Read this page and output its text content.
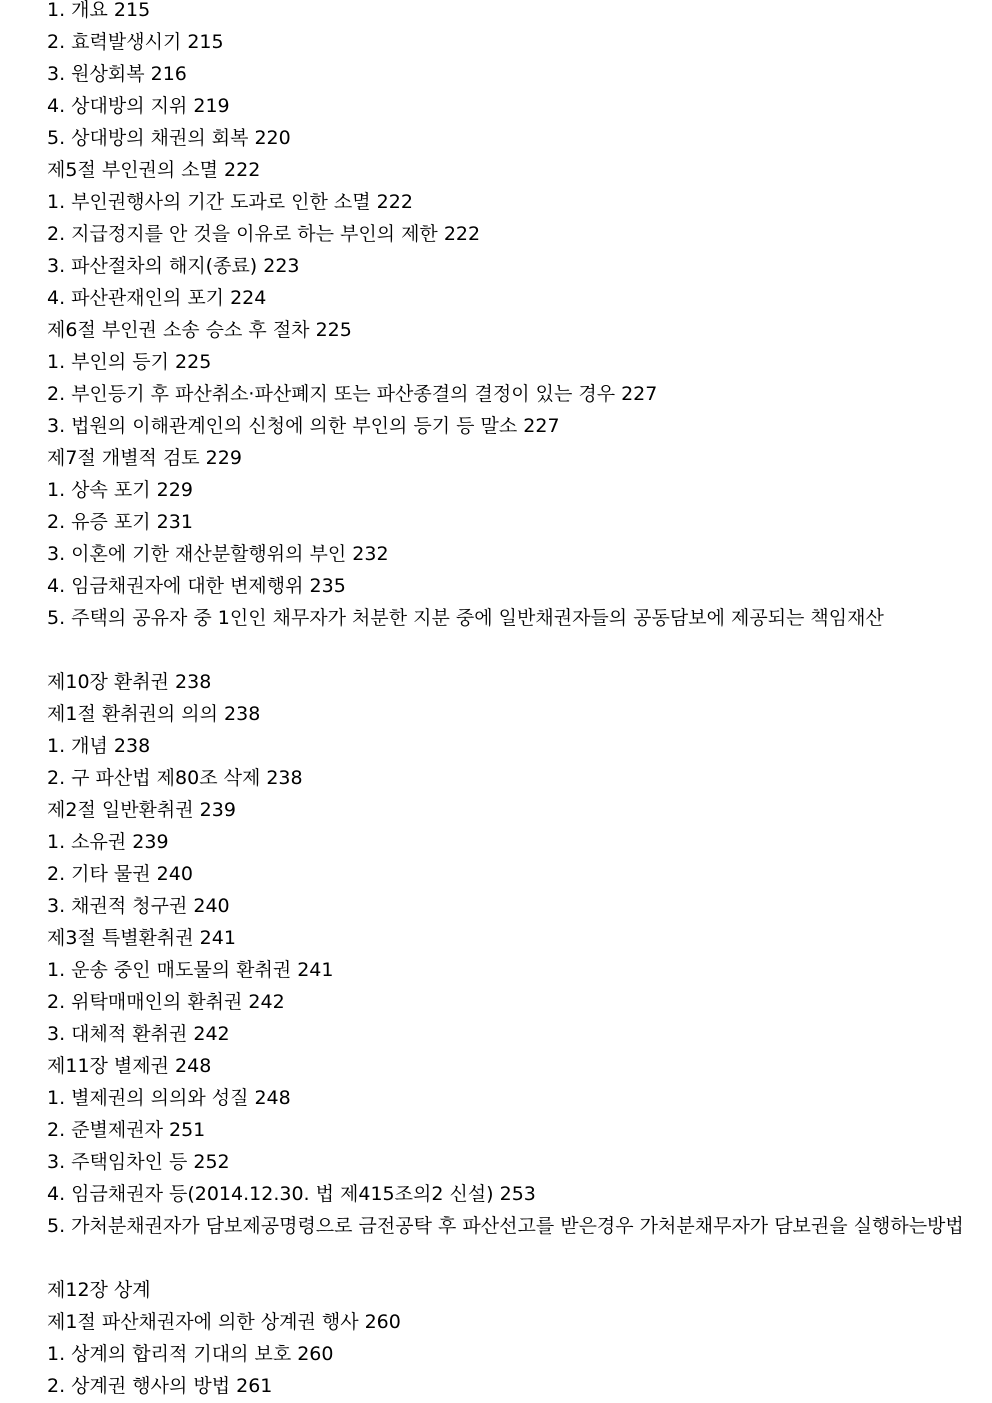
1. 개요 215
2. 효력발생시기 215
3. 원상회복 216
4. 상대방의 지위 219
5. 상대방의 채권의 회복 220
제5절 부인권의 소멸 222
1. 부인권행사의 기간 도과로 인한 소멸 222
2. 지급정지를 안 것을 이유로 하는 부인의 제한 222
3. 파산절차의 해지(종료) 223
4. 파산관재인의 포기 224
제6절 부인권 소송 승소 후 절차 225
1. 부인의 등기 225
2. 부인등기 후 파산취소·파산폐지 또는 파산종결의 결정이 있는 경우 227
3. 법원의 이해관계인의 신청에 의한 부인의 등기 등 말소 227
제7절 개별적 검토 229
1. 상속 포기 229
2. 유증 포기 231
3. 이혼에 기한 재산분할행위의 부인 232
4. 임금채권자에 대한 변제행위 235
5. 주택의 공유자 중 1인인 채무자가 처분한 지분 중에 일반채권자들의 공동담보에 제공되는 책임재산
제10장 환취권 238
제1절 환취권의 의의 238
1. 개념 238
2. 구 파산법 제80조 삭제 238
제2절 일반환취권 239
1. 소유권 239
2. 기타 물권 240
3. 채권적 청구권 240
제3절 특별환취권 241
1. 운송 중인 매도물의 환취권 241
2. 위탁매매인의 환취권 242
3. 대체적 환취권 242
제11장 별제권 248
1. 별제권의 의의와 성질 248
2. 준별제권자 251
3. 주택임차인 등 252
4. 임금채권자 등(2014.12.30. 법 제415조의2 신설) 253
5. 가처분채권자가 담보제공명령으로 금전공탁 후 파산선고를 받은경우 가처분채무자가 담보권을 실행하는방법
제12장 상계
제1절 파산채권자에 의한 상계권 행사 260
1. 상계의 합리적 기대의 보호 260
2. 상계권 행사의 방법 261
